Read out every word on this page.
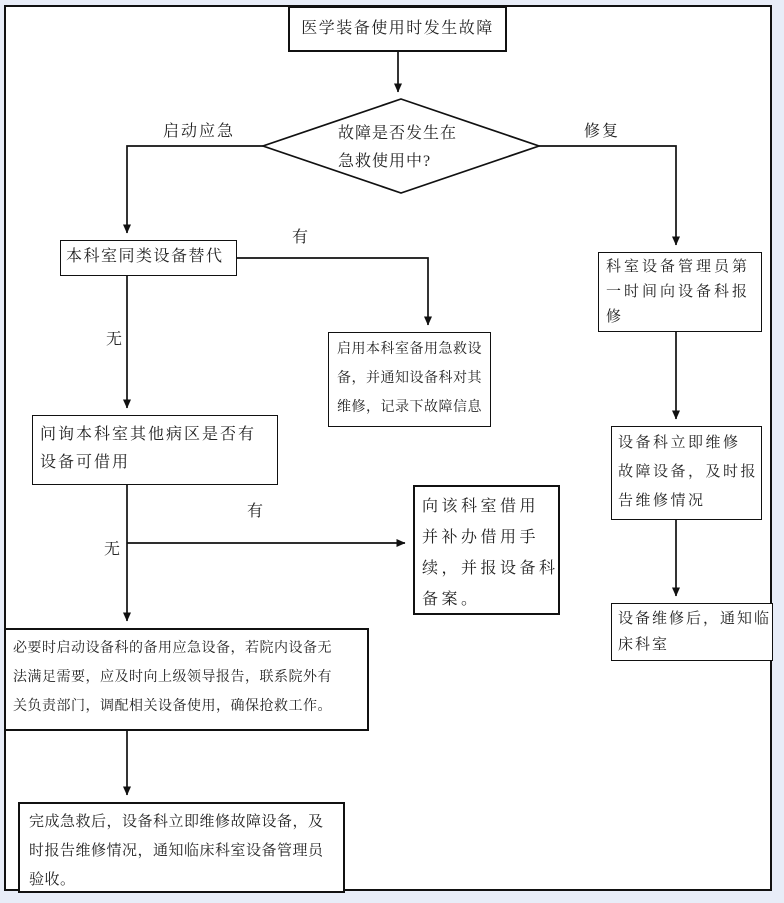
医学装备使用时发生故障
故障是否发生在
急救使用中?
本科室同类设备替代
启用本科室备用急救设
备，并通知设备科对其
维修，记录下故障信息
科室设备管理员第
一时间向设备科报
修
设备科立即维修
故障设备，及时报
告维修情况
设备维修后，通知临
床科室
问询本科室其他病区是否有
设备可借用
向该科室借用
并补办借用手
续，并报设备科
备案。
必要时启动设备科的备用应急设备，若院内设备无
法满足需要，应及时向上级领导报告，联系院外有
关负责部门，调配相关设备使用，确保抢救工作。
完成急救后，设备科立即维修故障设备，及
时报告维修情况，通知临床科室设备管理员
验收。
启动应急	修复
有
无
有
无
